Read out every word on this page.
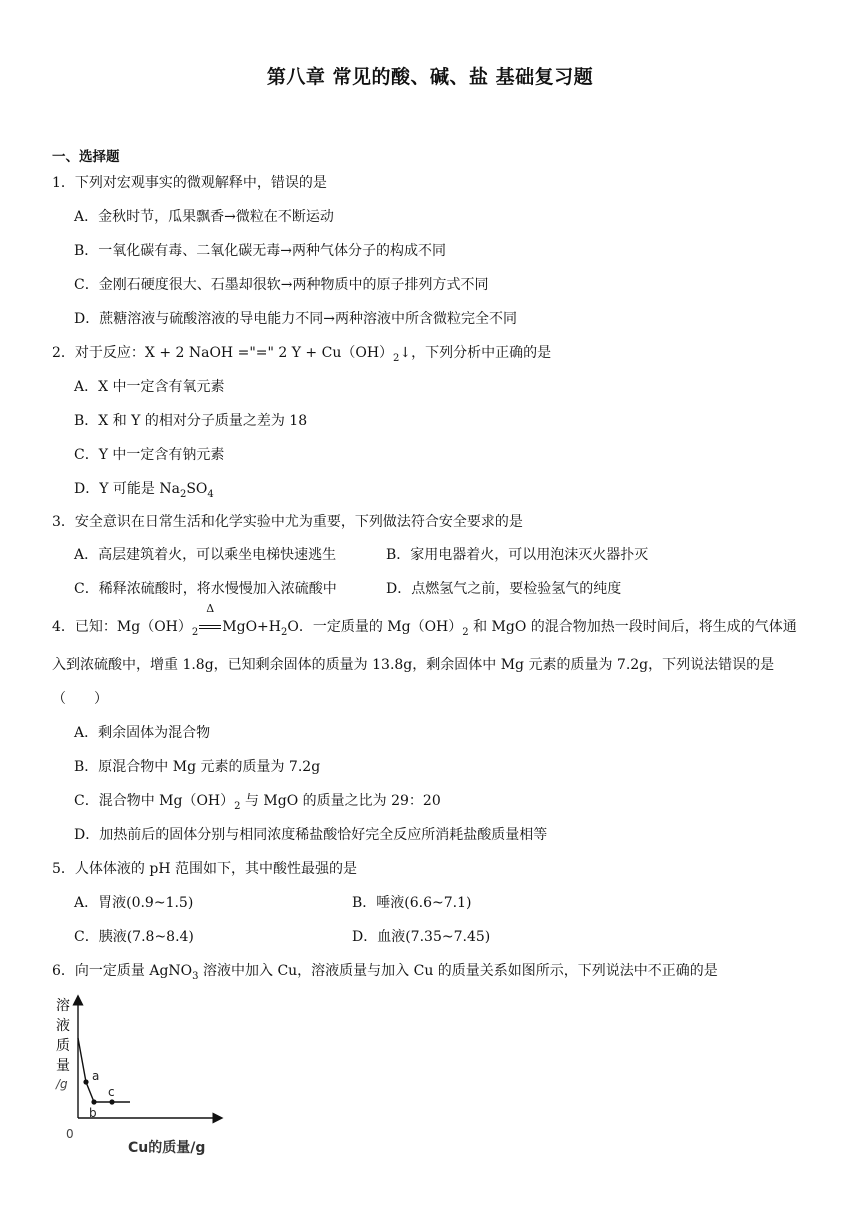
第八章 常见的酸、碱、盐 基础复习题
一、选择题
1．下列对宏观事实的微观解释中，错误的是
A．金秋时节，瓜果飘香→微粒在不断运动
B．一氧化碳有毒、二氧化碳无毒→两种气体分子的构成不同
C．金刚石硬度很大、石墨却很软→两种物质中的原子排列方式不同
D．蔗糖溶液与硫酸溶液的导电能力不同→两种溶液中所含微粒完全不同
2．对于反应：X + 2 NaOH ="=" 2 $Y + Cu(OH)_2↓$，下列分析中正确的是
A．X 中一定含有氧元素
B．X 和 Y 的相对分子质量之差为 18
C．Y 中一定含有钠元素
D．Y 可能是 $Na_2SO_4$
3．安全意识在日常生活和化学实验中尤为重要，下列做法符合安全要求的是
A．高层建筑着火，可以乘坐电梯快速逃生	B．家用电器着火，可以用泡沫灭火器扑灭
C．稀释浓硫酸时，将水慢慢加入浓硫酸中	D．点燃氢气之前，要检验氢气的纯度
4．已知：$Mg(OH)_2$
Δ
$MgO+H_2O$．一定质量的 $Mg(OH)_2$ 和 MgO 的混合物加热一段时间后，将生成的气体通
入到浓硫酸中，增重 1.8g，已知剩余固体的质量为 13.8g，剩余固体中 Mg 元素的质量为 7.2g，下列说法错误的是
（　　）
A．剩余固体为混合物
B．原混合物中 Mg 元素的质量为 7.2g
C．混合物中 $Mg(OH)_2$ 与 MgO 的质量之比为 29：20
D．加热前后的固体分别与相同浓度稀盐酸恰好完全反应所消耗盐酸质量相等
5．人体体液的 pH 范围如下，其中酸性最强的是
A．胃液(0.9~1.5)	B．唾液(6.6~7.1)
C．胰液(7.8~8.4)	D．血液(7.35~7.45)
6．向一定质量 AgNO$_3$ 溶液中加入 Cu，溶液质量与加入 Cu 的质量关系如图所示，下列说法中不正确的是
溶
液
质
量
/g
0
Cu的质量/g
a
b
c
